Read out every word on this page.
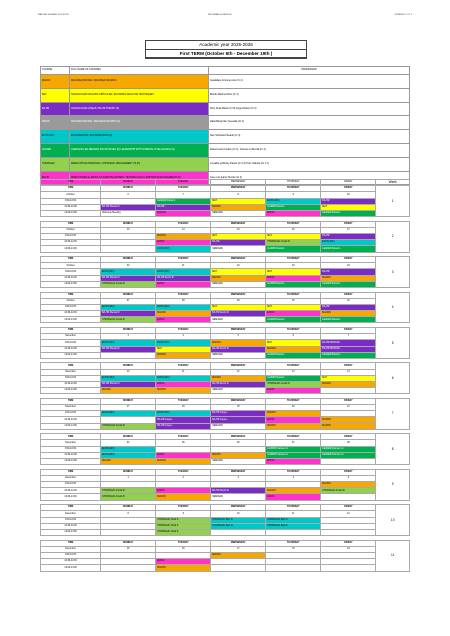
MASTER DEGREE 2025 EXTE	PROGRAM SCHEDULE	UPDATED Y UT 3
Academic year 2025-2026
First TERM (October 6th - December 19th )
COURSE	FULL NAME OF COURSES	PROFESSOR
MACRO	MACROECONOMIA / MACROECONOMICS	Guadalupe Corrente pore (Cr 4)
MAT	TECNOLOGÍAS ANÁLISIS CRÍTICA DE / ECONOMIC ANALYSIS TECHNIQUES	Brando Martinez Rico (Cr 4)
BA-HR	TECNOLOGÍAS LÍNEAS / BA-HR THEORY (8)	Pons Ichak Mellon (Cr 8) Jorge Alimker (Cr 4)
MICRO	MACROECONOMIA / MACROECONOMICS (3)	Idalia Marta Olev Guevada (Cr 4)
ECON (MV)	ECONOMETRÍA / ECONOMETRICS (3)	Sam Schriwsa Pineado (Cr 4)
LEADER	LIDERAZGO EN MEDIANA SOCIOCIOVIEL (H) LEADERSHIP WITH INTERNAL INTELLIGENCE (H)	Daniel Lotus Cordero (Cr 4) , Frances co Bercial (Cr 4)
STRATEGIC	DIRECCIÓN ESTRATÉGICA / STRATEGIC MANAGEMENT (H) (H)	Juncalita (a Bolsoy rifaorte (Cr 2-4) Tiral J Aldrara (Cr 1 4)
ENVIO	DIRECCIONES EL ENVIO A A INVESTIGACIONES / TECHNOLOGICAL INNOVATION MANAGEMENT (H)	Jose et al Juarez Hernán (Cr 4)
TIME	MONDAY	TUESDAY	WEDNESDAY	THURSDAY	FRIDAY	Week
TIME	MONDAY	TUESDAY	WEDNESDAY	THURSDAY	FRIDAY	1
October	6	7	8	9	10	
8:30-10:00		LEADER Daniel L	MAT	ECON (MV)	BA-HR	
10:30-12:00	BA-HR Mercia III	BA-HR	MACRO	ALUMNI Daniel L	MAT	
12:00-14:00	Welcome Meeting	MACRO	SEMINAR	ENVIO	LEADER Daniel L	

TIME	MONDAY	TUESDAY	WEDNESDAY	THURSDAY	FRIDAY	2
October	13	14	15	16	17	
8:30-10:00		MACRO	MAT	MAT	BA-HR	
10:30-12:00		ENVIO	BA-HR	STRATEGIC Arnold R	ECON (MV)	
12:00-14:00		ECON (MV)	SEMINAR	ALUMNI Daniel L	LEADER Daniel L	

TIME	MONDAY	TUESDAY	WEDNESDAY	THURSDAY	FRIDAY	3
October	20	21	22	23	24	
8:30-10:00	ECON (MV)	ECON (MV)	MAT	MAT	BA-HR	
10:30-12:00	BA-HR Mercia III	BA-HR Derric III	MACRO	ENVIO	MACRO	
12:00-14:00	STRATEGIC Arnold R	ENVIO	SEMINAR	ALUMNI Daniel L	LEADER Daniel L	

TIME	MONDAY	TUESDAY	WEDNESDAY	THURSDAY	FRIDAY	4
October	27	28	29	30	31	
8:30-10:00	ECON (MV)	ECON (MV)	MAT	MAT	BA-HR	
10:30-12:00	BA-HR Mercia III	MACRO	BA-HR Derric III	ENVIO	MACRO	
12:00-14:00	STRATEGIC Arnold R	ENVIO	SEMINAR	ALUMNI Daniel L	LEADER Daniel L	

TIME	MONDAY	TUESDAY	WEDNESDAY	THURSDAY	FRIDAY	5
November	3	4	5	6	7	
8:30-10:00	ECON (MV)	ECON (MV)	MACRO	MAT	BA-HR MASTER	
10:30-12:00	BA-HR Mercia III	MAT	BA-HR Derric III	MACRO	BA-HR MASTER	
12:00-14:00		MACRO	SEMINAR	ALUMNI Daniel L	LEADER Daniel L	

TIME	MONDAY	TUESDAY	WEDNESDAY	THURSDAY	FRIDAY	6
November	10	11	12	13	14	
8:30-10:00	ECON (MV)	ECON (MV)	MACRO	ALUMNI Daniel L	MAT	
10:30-12:00	BA-HR Mercia III	ENVIO	BA-HR Derric III	STRATEGIC Arnold R	MACRO	
12:00-14:00	MACRO	MACRO	SEMINAR	ENVIO		

TIME	MONDAY	TUESDAY	WEDNESDAY	THURSDAY	FRIDAY	7
November	17	18	19	20	21	
8:30-10:00	ECON (MV)	ECON (MV)	BA-HR Jorge L	MACRO		
10:30-12:00		BA-HR Jorge L	BA-HR Jorge L	ENVIO	MACRO	
12:00-14:00	STRATEGIC Arnold R	BA-HR Jorge L	SEMINAR	MACRO	MACRO	

TIME	MONDAY	TUESDAY	WEDNESDAY	THURSDAY	FRIDAY	8
November	24	25	26	27	28	
8:30-10:00	ECON (MV)			ALUMNI Frances co	LEADER Frances co	
10:30-12:00	ECON (MV)	ENVIO	MACRO	ALUMNI Frances co	LEADER Frances co	
12:00-14:00	MACRO	MACRO	SEMINAR	ENVIO		

TIME	MONDAY	TUESDAY	WEDNESDAY	THURSDAY	FRIDAY	9
December	1	2	3	4	5	
8:30-10:00					MACRO	
10:30-12:00	STRATEGIC Arnold R	ENVIO	BA-HR Derric III	MACRO	STRATEGIC Arnold R	
12:00-14:00	STRATEGIC Arnold R	MACRO	SEMINAR	ENVIO		

TIME	MONDAY	TUESDAY	WEDNESDAY	THURSDAY	FRIDAY	10
December	8	9	10	11	12	
8:30-10:00		STRATEGIC Chell S	STRATEGIC Bert III	STRATEGIC Bert III		
10:30-12:00		STRATEGIC Chell S	STRATEGIC Bert III	STRATEGIC Bert III		
12:00-14:00		STRATEGIC Chell S				

TIME	MONDAY	TUESDAY	WEDNESDAY	THURSDAY	FRIDAY	11
December	15	16	17	18	19	
8:30-10:00			MACRO			
10:30-12:00		ENVIO				
12:00-14:00		MACRO				
